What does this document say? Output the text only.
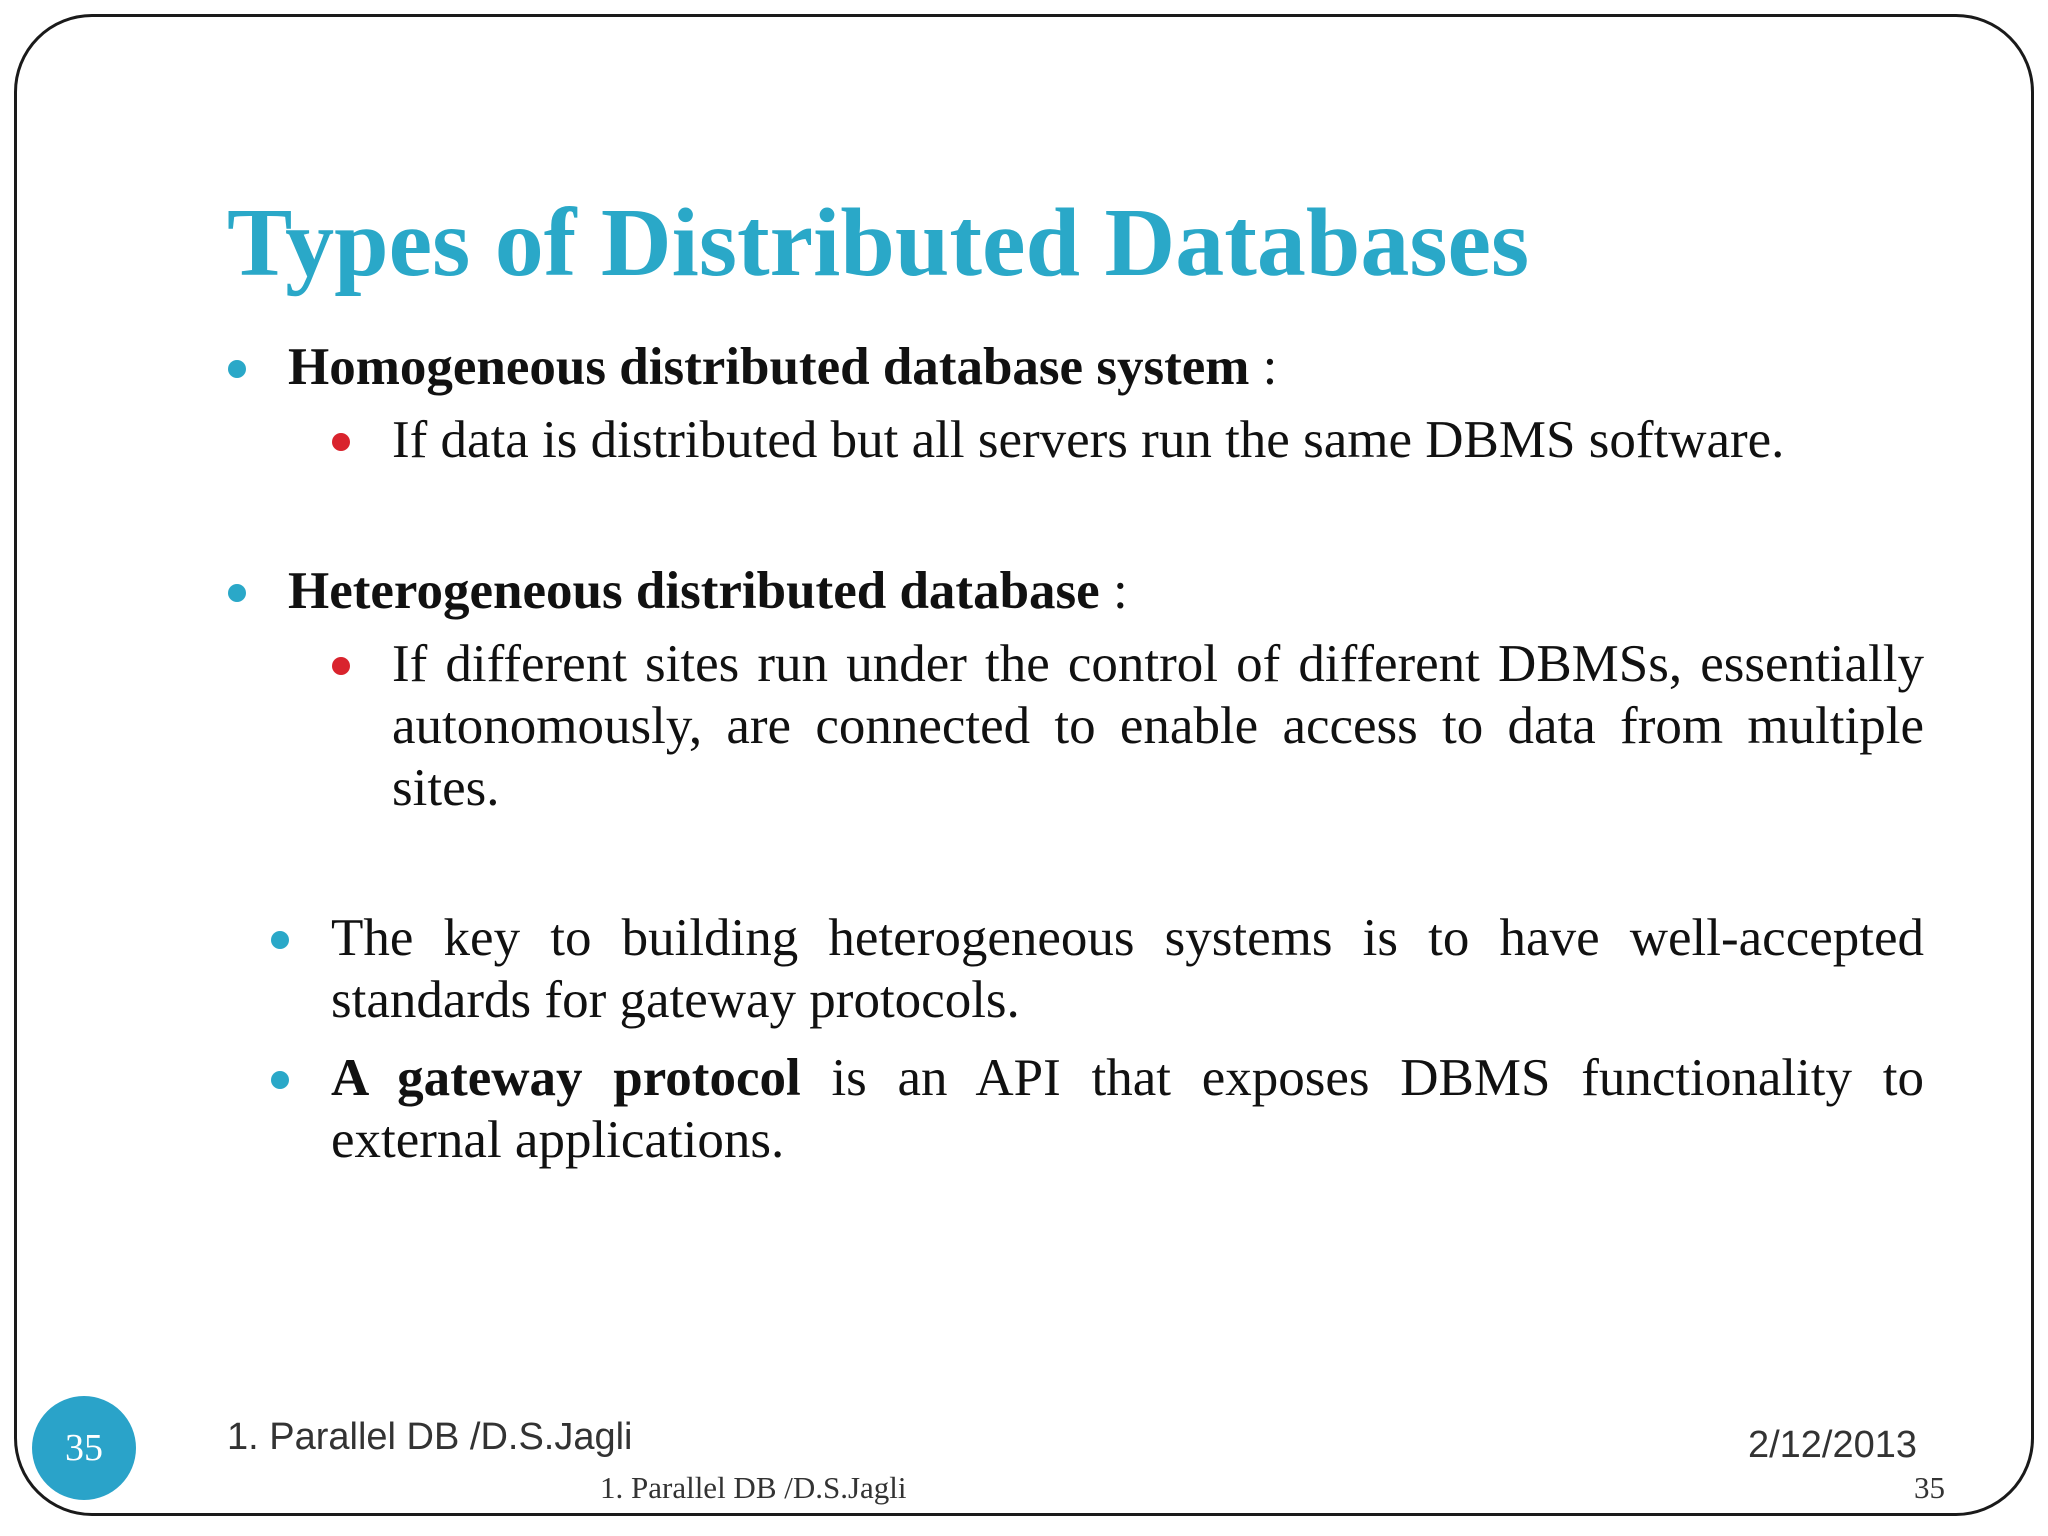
Types of Distributed Databases
Homogeneous distributed database system :
If data is distributed but all servers run the same DBMS software.
Heterogeneous distributed database :
If different sites run under the control of different DBMSs, essentially autonomously, are connected to enable access to data from multiple sites.
The key to building heterogeneous systems is to have well-accepted standards for gateway protocols.
A gateway protocol is an API that exposes DBMS functionality to external applications.
35	1. Parallel DB /D.S.Jagli	2/12/2013
1. Parallel DB /D.S.Jagli	35
